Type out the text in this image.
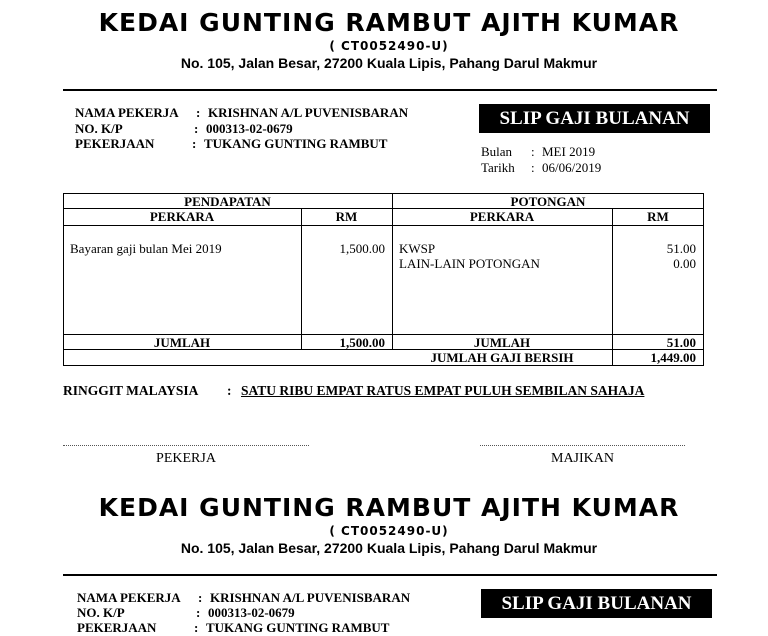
KEDAI GUNTING RAMBUT AJITH KUMAR
( CT0052490-U)
No. 105, Jalan Besar, 27200 Kuala Lipis, Pahang Darul Makmur
NAMA PEKERJA : KRISHNAN A/L PUVENISBARAN
NO. K/P	: 000313-02-0679
PEKERJAAN	: TUKANG GUNTING RAMBUT
SLIP GAJI BULANAN
Bulan : MEI 2019
Tarikh : 06/06/2019
PENDAPATAN	POTONGAN
PERKARA	RM	PERKARA	RM
Bayaran gaji bulan Mei 2019	1,500.00 KWSP	51.00
LAIN-LAIN POTONGAN	0.00
JUMLAH	1,500.00	JUMLAH	51.00
JUMLAH GAJI BERSIH	1,449.00
RINGGIT MALAYSIA : SATU RIBU EMPAT RATUS EMPAT PULUH SEMBILAN SAHAJA
PEKERJA	MAJIKAN
KEDAI GUNTING RAMBUT AJITH KUMAR
( CT0052490-U)
No. 105, Jalan Besar, 27200 Kuala Lipis, Pahang Darul Makmur
NAMA PEKERJA : KRISHNAN A/L PUVENISBARAN
NO. K/P	: 000313-02-0679
PEKERJAAN	: TUKANG GUNTING RAMBUT
SLIP GAJI BULANAN
